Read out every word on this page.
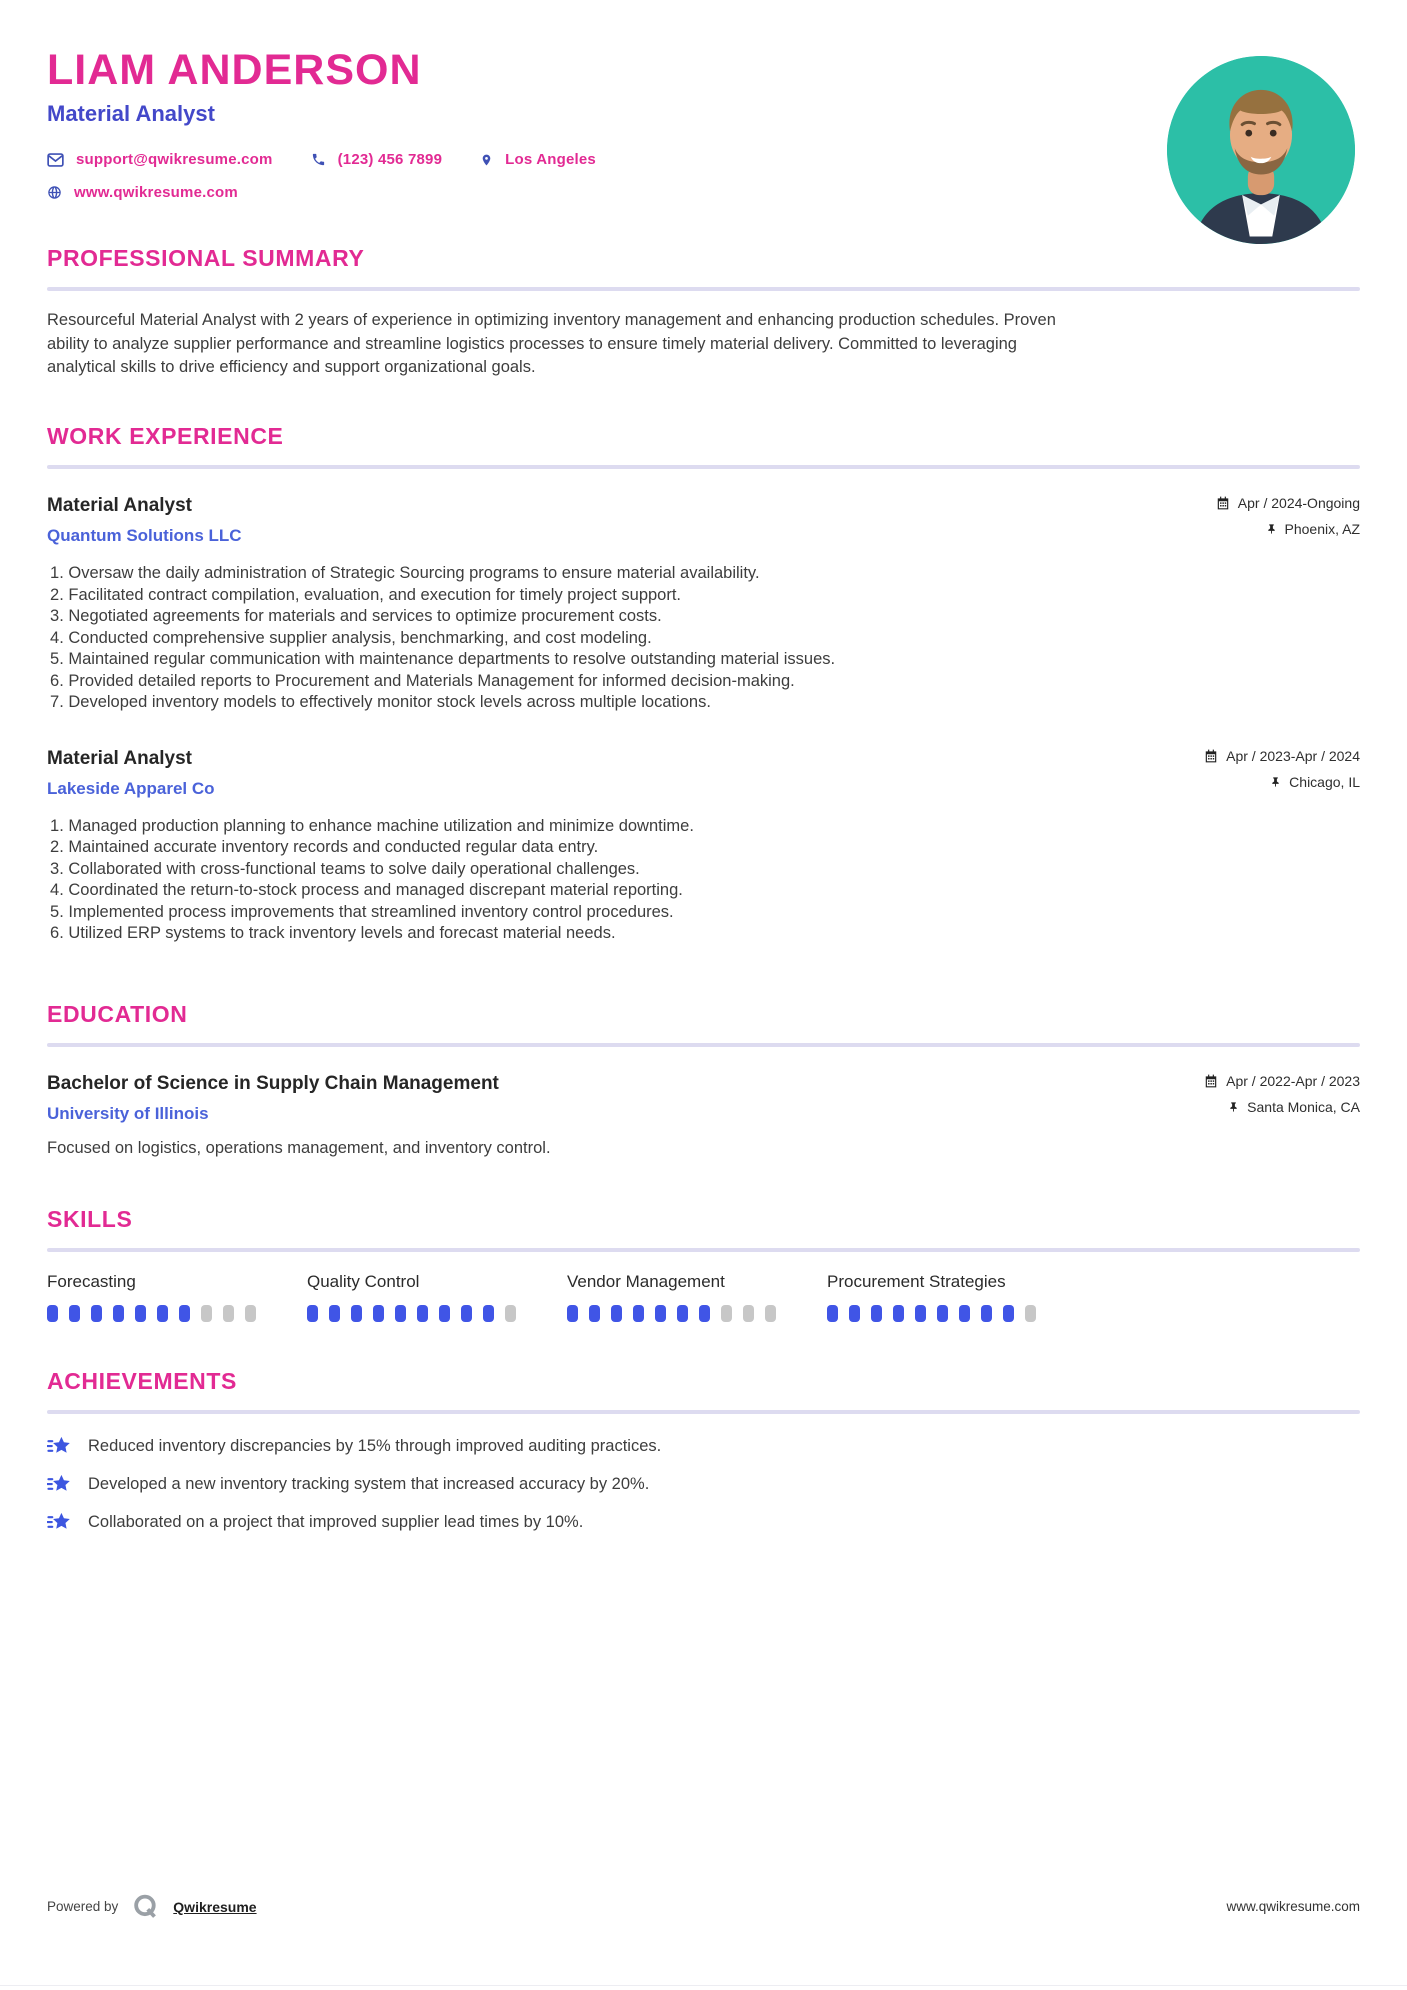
LIAM ANDERSON
Material Analyst
support@qwikresume.com	(123) 456 7899	Los Angeles
www.qwikresume.com
PROFESSIONAL SUMMARY

Resourceful Material Analyst with 2 years of experience in optimizing inventory management and enhancing production schedules. Proven ability to analyze supplier performance and streamline logistics processes to ensure timely material delivery. Committed to leveraging analytical skills to drive efficiency and support organizational goals.

WORK EXPERIENCE
Material Analyst
Quantum Solutions LLC
Apr / 2024-Ongoing
Phoenix, AZ
Oversaw the daily administration of Strategic Sourcing programs to ensure material availability.
Facilitated contract compilation, evaluation, and execution for timely project support.
Negotiated agreements for materials and services to optimize procurement costs.
Conducted comprehensive supplier analysis, benchmarking, and cost modeling.
Maintained regular communication with maintenance departments to resolve outstanding material issues.
Provided detailed reports to Procurement and Materials Management for informed decision-making.
Developed inventory models to effectively monitor stock levels across multiple locations.
Material Analyst
Lakeside Apparel Co
Apr / 2023-Apr / 2024
Chicago, IL
Managed production planning to enhance machine utilization and minimize downtime.
Maintained accurate inventory records and conducted regular data entry.
Collaborated with cross-functional teams to solve daily operational challenges.
Coordinated the return-to-stock process and managed discrepant material reporting.
Implemented process improvements that streamlined inventory control procedures.
Utilized ERP systems to track inventory levels and forecast material needs.
EDUCATION
Bachelor of Science in Supply Chain Management
University of Illinois
Apr / 2022-Apr / 2023
Santa Monica, CA

Focused on logistics, operations management, and inventory control.

SKILLS
Forecasting	Quality Control	Vendor Management	Procurement Strategies
ACHIEVEMENTS
Reduced inventory discrepancies by 15% through improved auditing practices.
Developed a new inventory tracking system that increased accuracy by 20%.
Collaborated on a project that improved supplier lead times by 10%.
Powered by	Qwikresume	www.qwikresume.com
